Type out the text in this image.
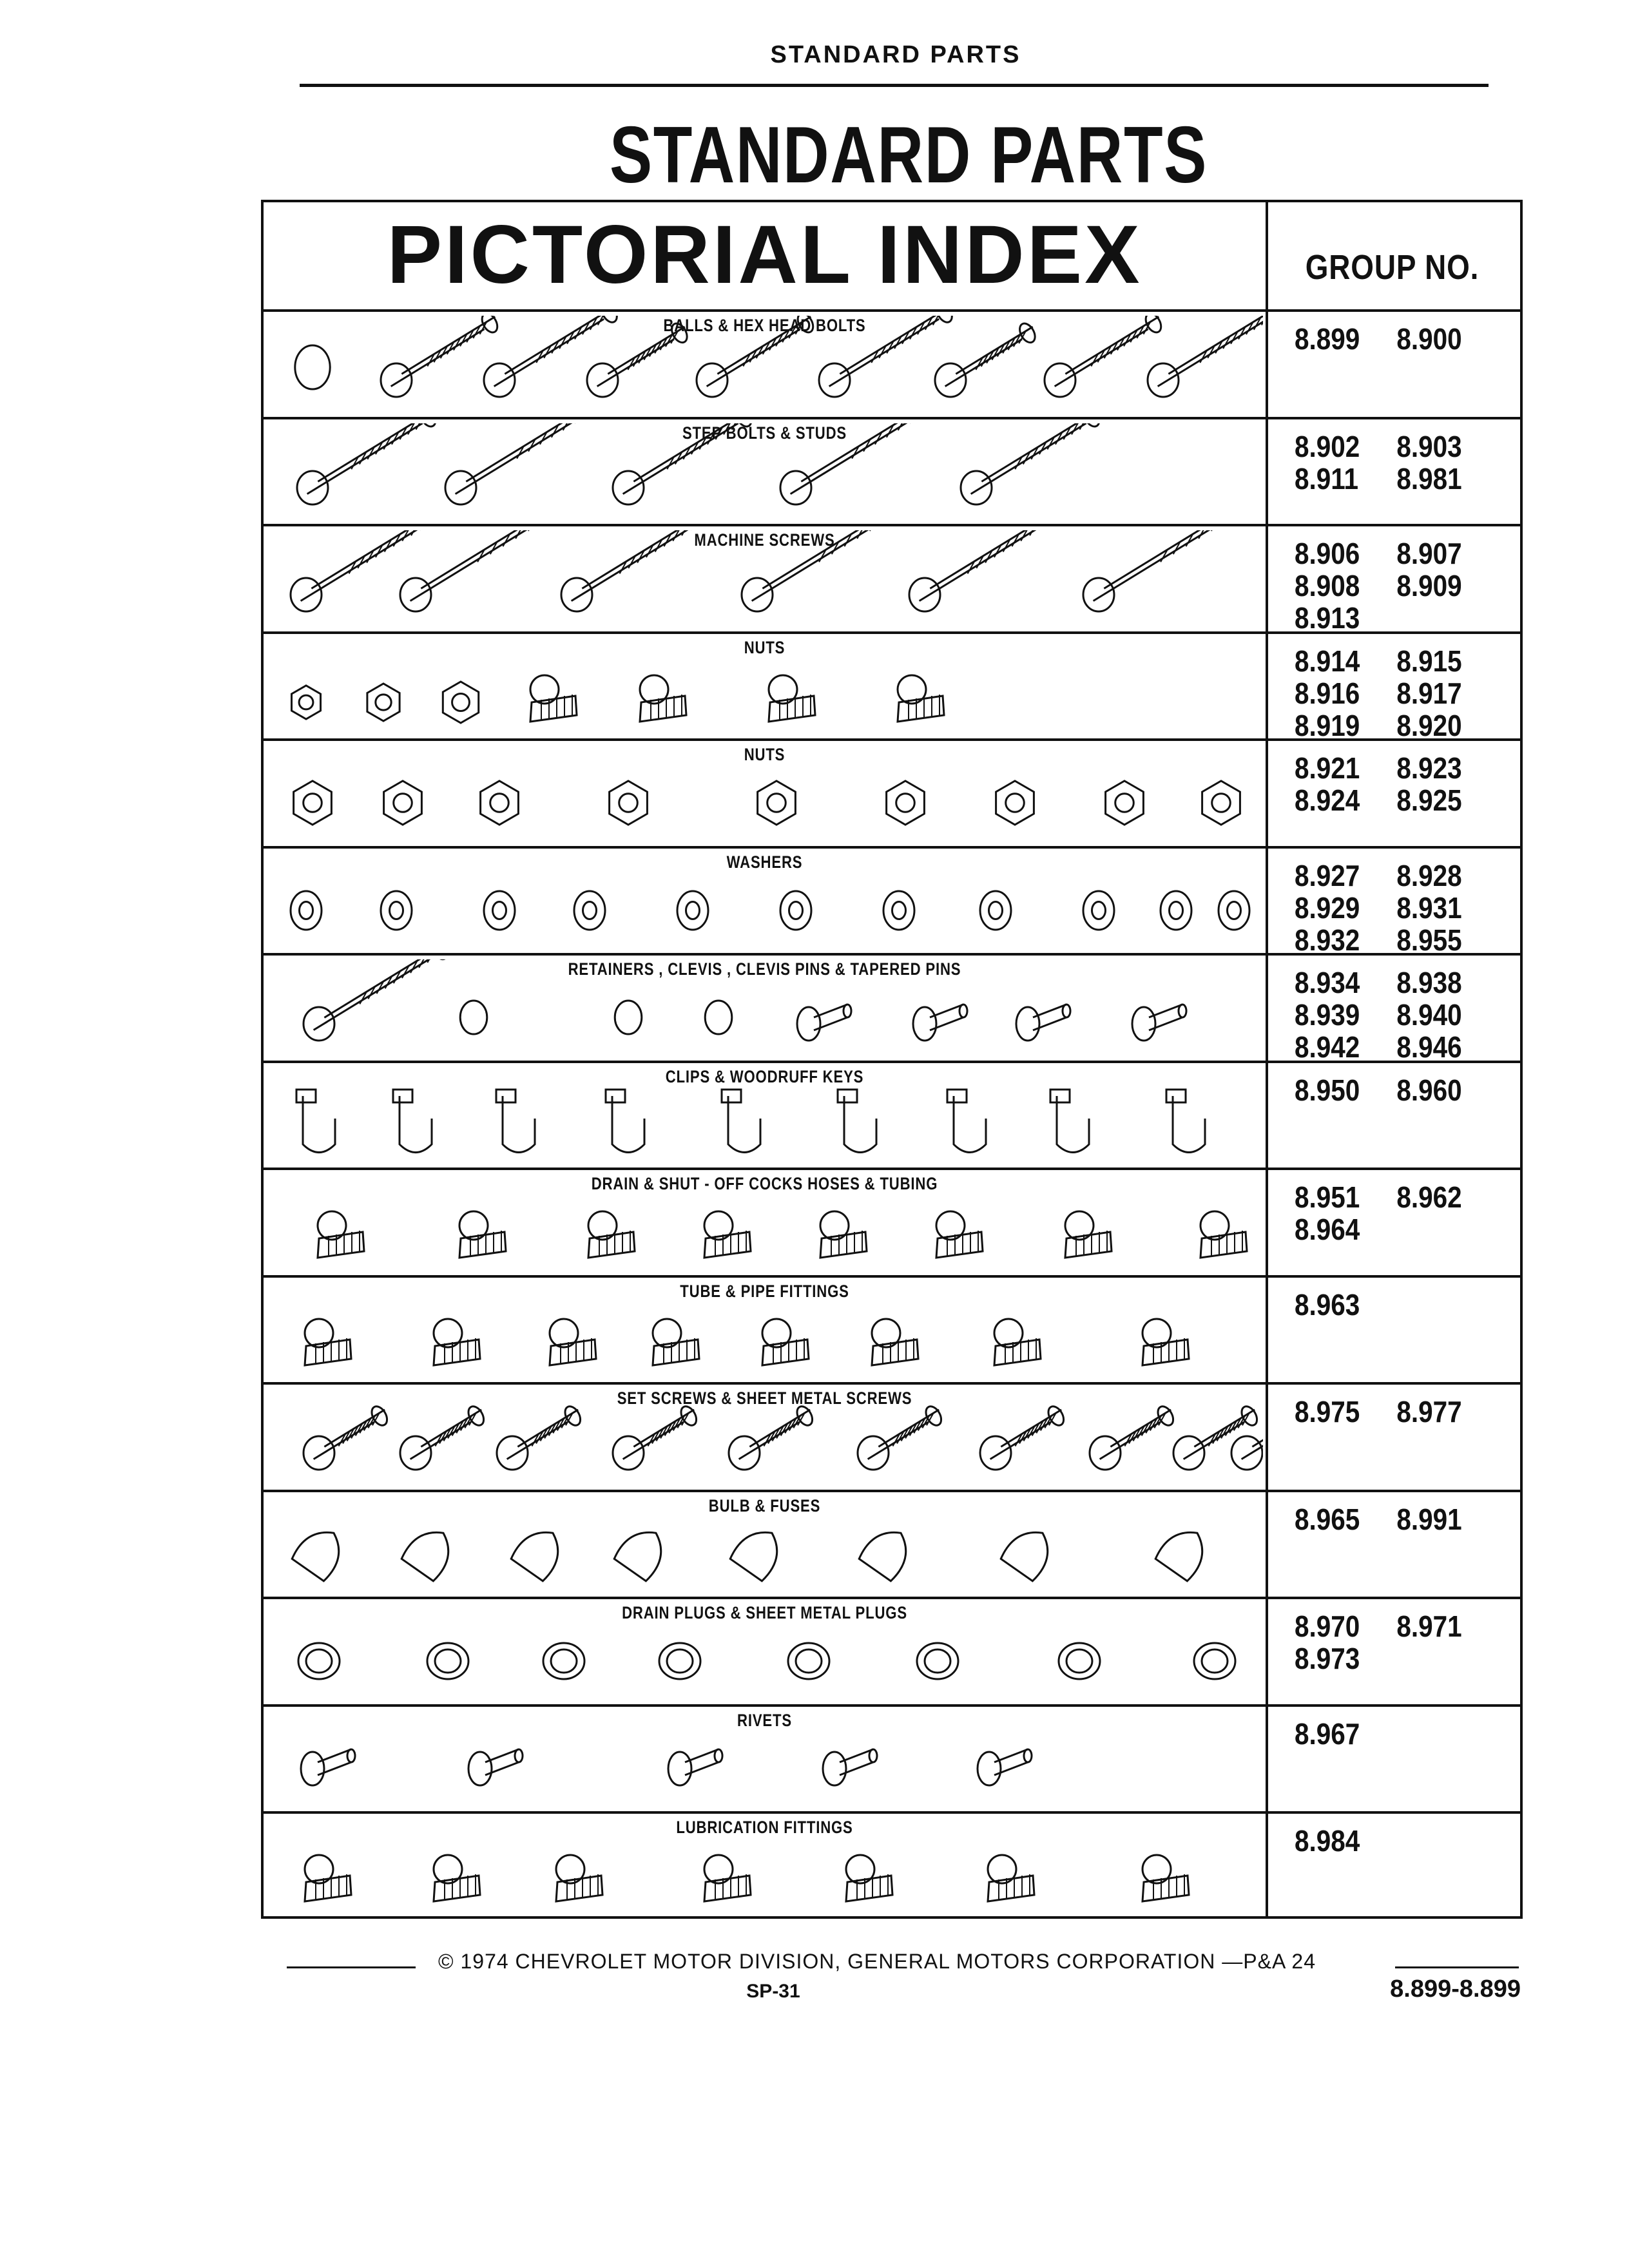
STANDARD PARTS
STANDARD PARTS
PICTORIAL INDEX	GROUP NO.
BALLS & HEX HEAD BOLTS	8.899	8.900
STEP BOLTS & STUDS	8.902	8.903
8.911	8.981
MACHINE SCREWS	8.906	8.907
8.908	8.909
8.913
NUTS	8.914	8.915
8.916	8.917
8.919	8.920
NUTS	8.921	8.923
8.924	8.925
WASHERS	8.927	8.928
8.929	8.931
8.932	8.955
RETAINERS , CLEVIS , CLEVIS PINS & TAPERED PINS	8.934	8.938
8.939	8.940
8.942	8.946
CLIPS & WOODRUFF KEYS	8.950	8.960
DRAIN & SHUT - OFF COCKS HOSES & TUBING	8.951	8.962
8.964
TUBE & PIPE FITTINGS	8.963
SET SCREWS & SHEET METAL SCREWS	8.975	8.977
BULB & FUSES	8.965	8.991
DRAIN PLUGS & SHEET METAL PLUGS	8.970	8.971
8.973
RIVETS	8.967
LUBRICATION FITTINGS	8.984
© 1974 CHEVROLET MOTOR DIVISION, GENERAL MOTORS CORPORATION —P&A 24
SP-31	8.899-8.899
